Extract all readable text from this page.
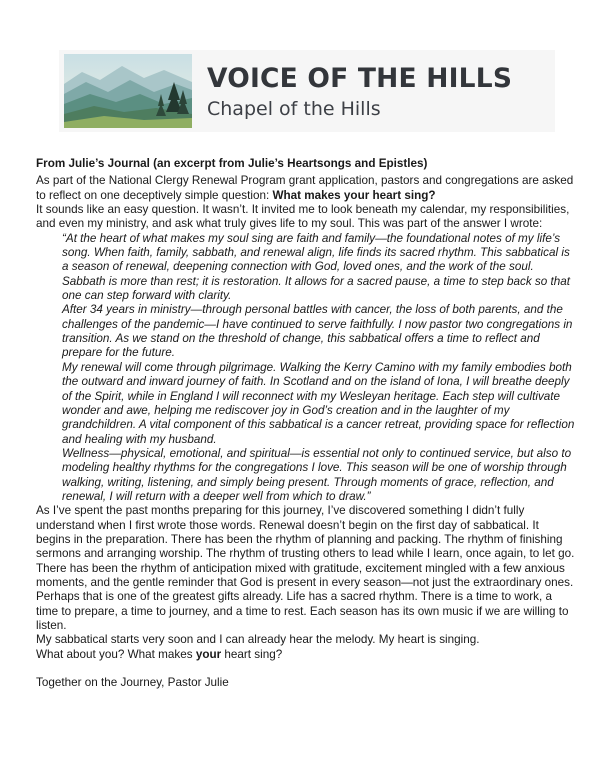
VOICE OF THE HILLS
Chapel of the Hills

From Julie’s Journal (an excerpt from Julie’s Heartsongs and Epistles)

As part of the National Clergy Renewal Program grant application, pastors and congregations are asked to reflect on one deceptively simple question: What makes your heart sing?

It sounds like an easy question. It wasn’t. It invited me to look beneath my calendar, my responsibilities, and even my ministry, and ask what truly gives life to my soul. This was part of the answer I wrote:

“At the heart of what makes my soul sing are faith and family—the foundational notes of my life’s song. When faith, family, sabbath, and renewal align, life finds its sacred rhythm. This sabbatical is a season of renewal, deepening connection with God, loved ones, and the work of the soul. Sabbath is more than rest; it is restoration. It allows for a sacred pause, a time to step back so that one can step forward with clarity.

After 34 years in ministry—through personal battles with cancer, the loss of both parents, and the challenges of the pandemic—I have continued to serve faithfully. I now pastor two congregations in transition. As we stand on the threshold of change, this sabbatical offers a time to reflect and prepare for the future.

My renewal will come through pilgrimage. Walking the Kerry Camino with my family embodies both the outward and inward journey of faith. In Scotland and on the island of Iona, I will breathe deeply of the Spirit, while in England I will reconnect with my Wesleyan heritage. Each step will cultivate wonder and awe, helping me rediscover joy in God’s creation and in the laughter of my grandchildren. A vital component of this sabbatical is a cancer retreat, providing space for reflection and healing with my husband.

Wellness—physical, emotional, and spiritual—is essential not only to continued service, but also to modeling healthy rhythms for the congregations I love. This season will be one of worship through walking, writing, listening, and simply being present. Through moments of grace, reflection, and renewal, I will return with a deeper well from which to draw.”

As I’ve spent the past months preparing for this journey, I’ve discovered something I didn’t fully understand when I first wrote those words. Renewal doesn’t begin on the first day of sabbatical. It begins in the preparation. There has been the rhythm of planning and packing. The rhythm of finishing sermons and arranging worship. The rhythm of trusting others to lead while I learn, once again, to let go. There has been the rhythm of anticipation mixed with gratitude, excitement mingled with a few anxious moments, and the gentle reminder that God is present in every season—not just the extraordinary ones.

Perhaps that is one of the greatest gifts already. Life has a sacred rhythm. There is a time to work, a time to prepare, a time to journey, and a time to rest. Each season has its own music if we are willing to listen.

My sabbatical starts very soon and I can already hear the melody. My heart is singing.

What about you? What makes your heart sing?

Together on the Journey, Pastor Julie
